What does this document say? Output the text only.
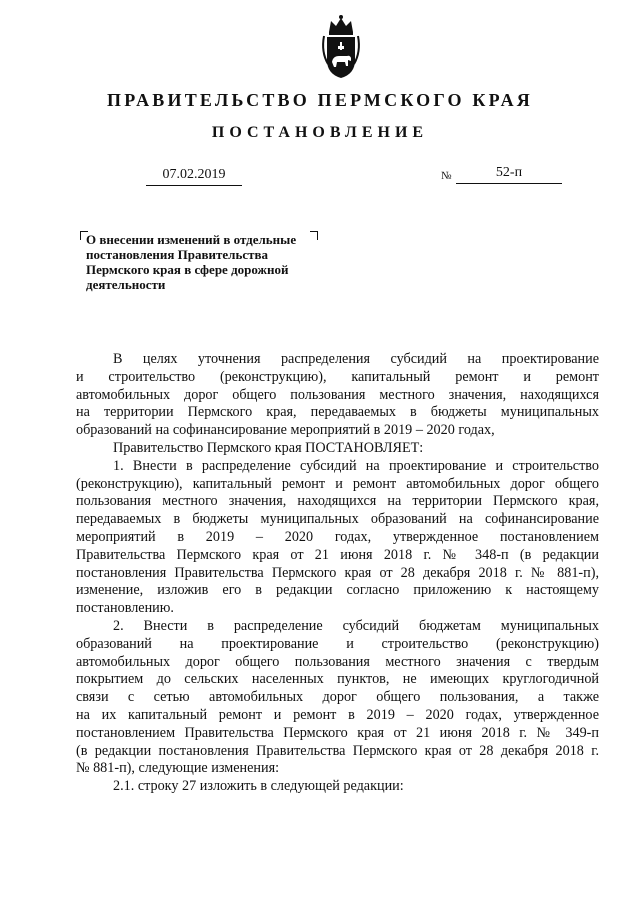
ПРАВИТЕЛЬСТВО ПЕРМСКОГО КРАЯ
ПОСТАНОВЛЕНИЕ
07.02.2019	№	52-п
О внесении изменений в отдельные
постановления Правительства
Пермского края в сфере дорожной
деятельности
В целях уточнения распределения субсидий на проектирование
и строительство (реконструкцию), капитальный ремонт и ремонт
автомобильных дорог общего пользования местного значения, находящихся
на территории Пермского края, передаваемых в бюджеты муниципальных
образований на софинансирование мероприятий в 2019 – 2020 годах,
Правительство Пермского края ПОСТАНОВЛЯЕТ:
1. Внести в распределение субсидий на проектирование и строительство
(реконструкцию), капитальный ремонт и ремонт автомобильных дорог общего
пользования местного значения, находящихся на территории Пермского края,
передаваемых в бюджеты муниципальных образований на софинансирование
мероприятий в 2019 – 2020 годах, утвержденное постановлением
Правительства Пермского края от 21 июня 2018 г. № 348-п (в редакции
постановления Правительства Пермского края от 28 декабря 2018 г. № 881-п),
изменение, изложив его в редакции согласно приложению к настоящему
постановлению.
2. Внести в распределение субсидий бюджетам муниципальных
образований на проектирование и строительство (реконструкцию)
автомобильных дорог общего пользования местного значения с твердым
покрытием до сельских населенных пунктов, не имеющих круглогодичной
связи с сетью автомобильных дорог общего пользования, а также
на их капитальный ремонт и ремонт в 2019 – 2020 годах, утвержденное
постановлением Правительства Пермского края от 21 июня 2018 г. № 349-п
(в редакции постановления Правительства Пермского края от 28 декабря 2018 г.
№ 881-п), следующие изменения:
2.1. строку 27 изложить в следующей редакции:
